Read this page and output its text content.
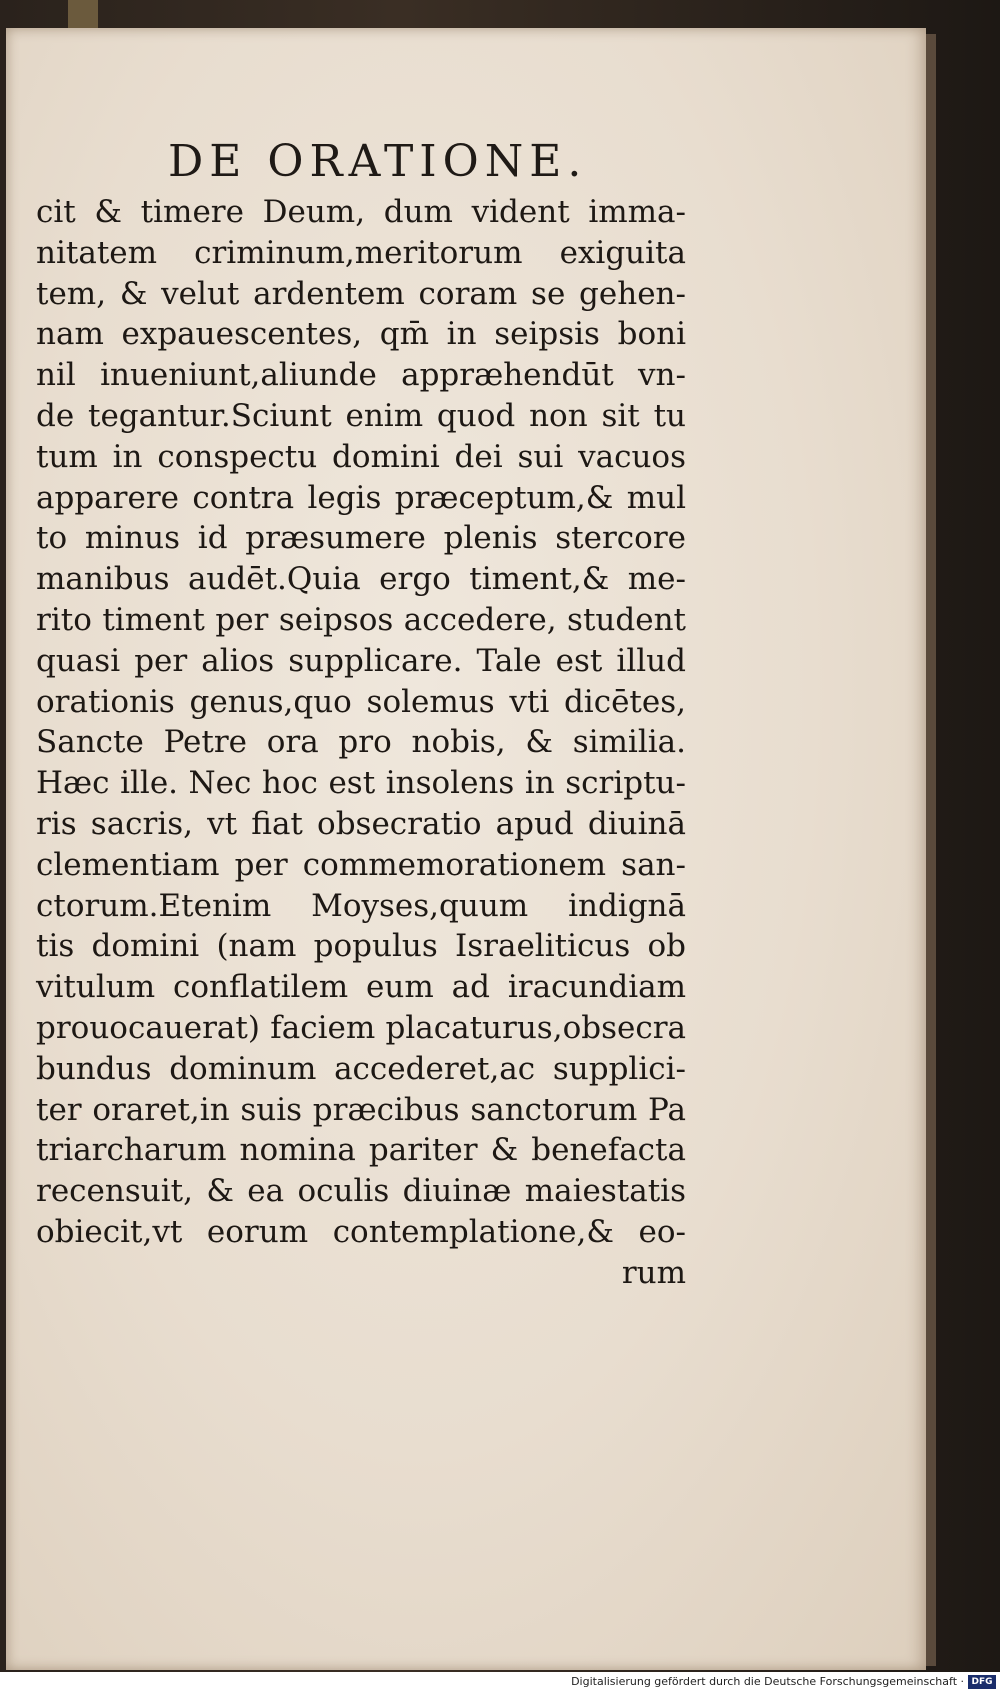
DE ORATIONE.
cit & timere Deum, dum vident imma-
nitatem criminum,meritorum exiguita
tem, & velut ardentem coram se gehen-
nam expauescentes, qm̄ in seipsis boni
nil inueniunt,aliunde appræhendūt vn-
de tegantur.Sciunt enim quod non sit tu
tum in conspectu domini dei sui vacuos
apparere contra legis præceptum,& mul
to minus id præsumere plenis stercore
manibus audēt.Quia ergo timent,& me-
rito timent per seipsos accedere, student
quasi per alios supplicare. Tale est illud
orationis genus,quo solemus vti dicētes,
Sancte Petre ora pro nobis, & similia.
Hæc ille. Nec hoc est insolens in scriptu-
ris sacris, vt fiat obsecratio apud diuinā
clementiam per commemorationem san-
ctorum.Etenim Moyses,quum indignā
tis domini (nam populus Israeliticus ob
vitulum conflatilem eum ad iracundiam
prouocauerat) faciem placaturus,obsecra
bundus dominum accederet,ac supplici-
ter oraret,in suis præcibus sanctorum Pa
triarcharum nomina pariter & benefacta
recensuit, & ea oculis diuinæ maiestatis
obiecit,vt eorum contemplatione,& eo-
rum
Digitalisierung gefördert durch die Deutsche Forschungsgemeinschaft · DFG
